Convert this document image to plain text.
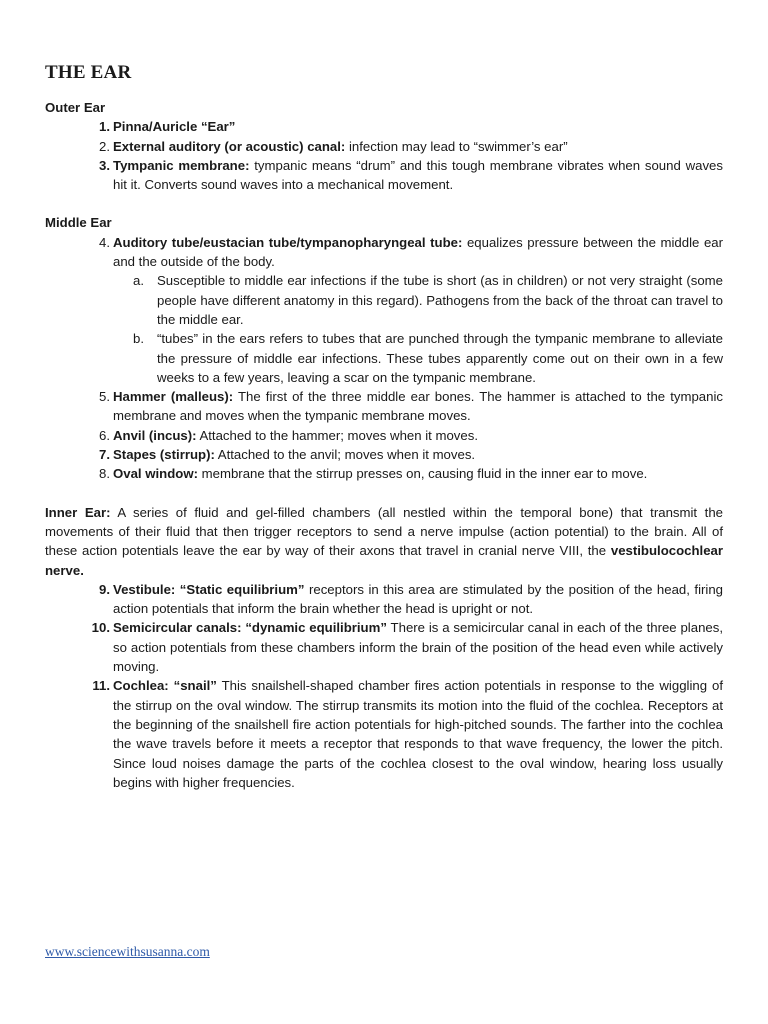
THE EAR

Outer Ear

1. Pinna/Auricle “Ear”
2. External auditory (or acoustic) canal: infection may lead to “swimmer’s ear”
3. Tympanic membrane: tympanic means “drum” and this tough membrane vibrates when sound waves hit it. Converts sound waves into a mechanical movement.

Middle Ear

4. Auditory tube/eustacian tube/tympanopharyngeal tube: equalizes pressure between the middle ear and the outside of the body.
a. Susceptible to middle ear infections if the tube is short (as in children) or not very straight (some people have different anatomy in this regard). Pathogens from the back of the throat can travel to the middle ear.
b. “tubes” in the ears refers to tubes that are punched through the tympanic membrane to alleviate the pressure of middle ear infections. These tubes apparently come out on their own in a few weeks to a few years, leaving a scar on the tympanic membrane.
5. Hammer (malleus): The first of the three middle ear bones. The hammer is attached to the tympanic membrane and moves when the tympanic membrane moves.
6. Anvil (incus): Attached to the hammer; moves when it moves.
7. Stapes (stirrup): Attached to the anvil; moves when it moves.
8. Oval window: membrane that the stirrup presses on, causing fluid in the inner ear to move.

Inner Ear: A series of fluid and gel-filled chambers (all nestled within the temporal bone) that transmit the movements of their fluid that then trigger receptors to send a nerve impulse (action potential) to the brain. All of these action potentials leave the ear by way of their axons that travel in cranial nerve VIII, the vestibulocochlear nerve.

9. Vestibule: “Static equilibrium” receptors in this area are stimulated by the position of the head, firing action potentials that inform the brain whether the head is upright or not.
10. Semicircular canals: “dynamic equilibrium” There is a semicircular canal in each of the three planes, so action potentials from these chambers inform the brain of the position of the head even while actively moving.
11. Cochlea: “snail” This snailshell-shaped chamber fires action potentials in response to the wiggling of the stirrup on the oval window. The stirrup transmits its motion into the fluid of the cochlea. Receptors at the beginning of the snailshell fire action potentials for high-pitched sounds. The farther into the cochlea the wave travels before it meets a receptor that responds to that wave frequency, the lower the pitch. Since loud noises damage the parts of the cochlea closest to the oval window, hearing loss usually begins with higher frequencies.
www.sciencewithsusanna.com
